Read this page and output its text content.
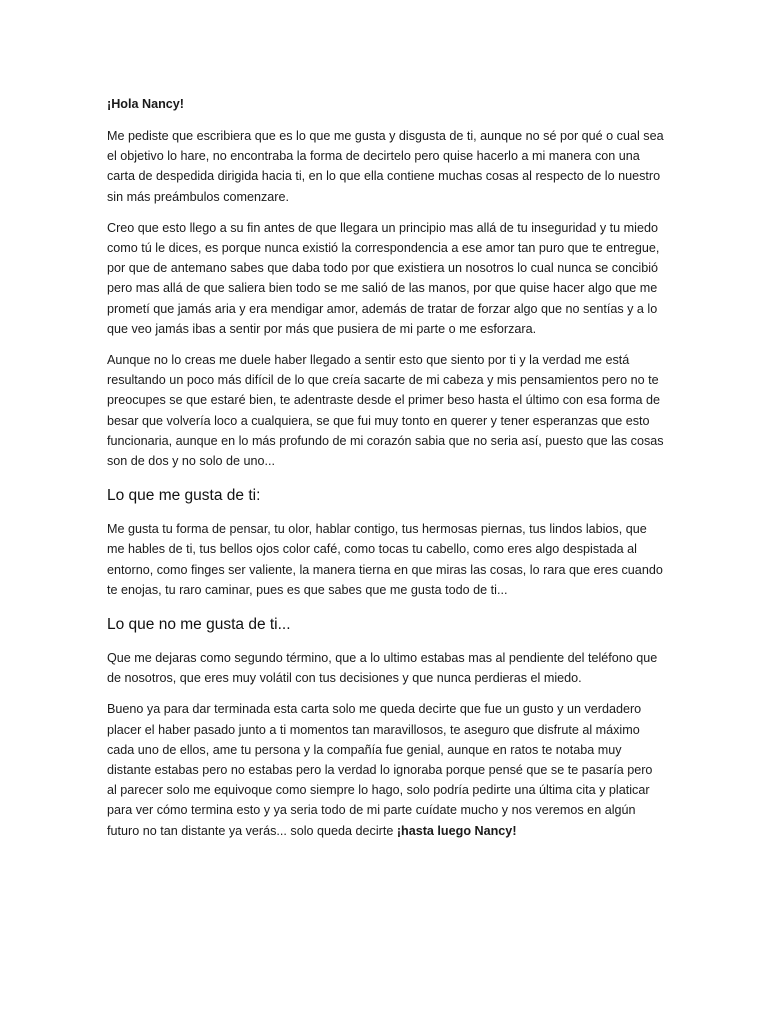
¡Hola Nancy!

Me pediste que escribiera que es lo que me gusta y disgusta de ti, aunque no sé por qué o cual sea el objetivo lo hare, no encontraba la forma de decirtelo pero quise hacerlo a mi manera con una carta de despedida dirigida hacia ti, en lo que ella contiene muchas cosas al respecto de lo nuestro sin más preámbulos comenzare.

Creo que esto llego a su fin antes de que llegara un principio mas allá de tu inseguridad y tu miedo como tú le dices, es porque nunca existió la correspondencia a ese amor tan puro que te entregue, por que de antemano sabes que daba todo por que existiera un nosotros lo cual nunca se concibió pero mas allá de que saliera bien todo se me salió de las manos, por que quise hacer algo que me prometí que jamás aria y era mendigar amor, además de tratar de forzar algo que no sentías y a lo que veo jamás ibas a sentir por más que pusiera de mi parte o me esforzara.

Aunque no lo creas me duele haber llegado a sentir esto que siento por ti y la verdad me está resultando un poco más difícil de lo que creía sacarte de mi cabeza y mis pensamientos pero no te preocupes se que estaré bien, te adentraste desde el primer beso hasta el último con esa forma de besar que volvería loco a cualquiera, se que fui muy tonto en querer y tener esperanzas que esto funcionaria, aunque en lo más profundo de mi corazón sabia que no seria así, puesto que las cosas son de dos y no solo de uno...

Lo que me gusta de ti:

Me gusta tu forma de pensar, tu olor, hablar contigo, tus hermosas piernas, tus lindos labios, que me hables de ti, tus bellos ojos color café, como tocas tu cabello, como eres algo despistada al entorno, como finges ser valiente, la manera tierna en que miras las cosas, lo rara que eres cuando te enojas, tu raro caminar, pues es que sabes que me gusta todo de ti...

Lo que no me gusta de ti...

Que me dejaras como segundo término, que a lo ultimo estabas mas al pendiente del teléfono que de nosotros, que eres muy volátil con tus decisiones y que nunca perdieras el miedo.

Bueno ya para dar terminada esta carta solo me queda decirte que fue un gusto y un verdadero placer el haber pasado junto a ti momentos tan maravillosos, te aseguro que disfrute al máximo cada uno de ellos, ame tu persona y la compañía fue genial, aunque en ratos te notaba muy distante estabas pero no estabas pero la verdad lo ignoraba porque pensé que se te pasaría pero al parecer solo me equivoque como siempre lo hago, solo podría pedirte una última cita y platicar para ver cómo termina esto y ya seria todo de mi parte cuídate mucho y nos veremos en algún futuro no tan distante ya verás... solo queda decirte ¡hasta luego Nancy!
